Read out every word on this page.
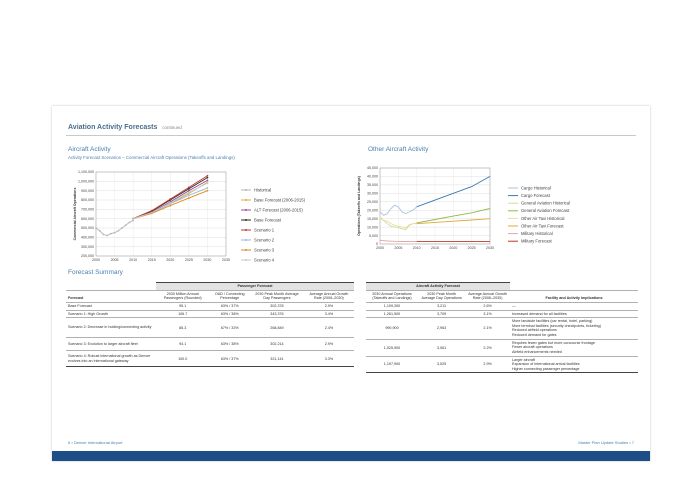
Aviation Activity Forecasts continued
Aircraft Activity
Activity Forecast Scenarios – Commercial Aircraft Operations (Takeoffs and Landings)
200,000
300,000
400,000
500,000
600,000
700,000
800,000
900,000
1,000,000
1,100,000
2000	2005	2010	2015	2020	2025	2030	2035
Commercial Aircraft Operations	Historical
Base Forecast (2006-2015)
ALT Forecast (2006-2015)
Base Forecast
Scenario 1
Scenario 2
Scenario 3
Scenario 4
Other Aircraft Activity
0
5,000
10,000
15,000
20,000
25,000
30,000
35,000
40,000
45,000
2000	2005	2010	2015	2020	2025	2030
Operations (Takeoffs and Landings)	Cargo Historical
Cargo Forecast
General Aviation Historical
General Aviation Forecast
Other Air Taxi Historical
Other Air Taxi Forecast
Military Historical
Military Forecast
Forecast Summary
	Passenger Forecast			
Forecast	2030 Million Annual Passengers (Rounded)	O&D / Connecting Percentage	2030 Peak Month Average Day Passengers	Average Annual Growth Rate (2006–2030)
Base Forecast	95.1	63% / 37%	302,378	2.9%
Scenario 1: High Growth	106.7	63% / 38%	343,376	3.4%
Scenario 2: Decrease in holding/connecting activity	85.3	67% / 33%	268,849	2.4%
Scenario 3: Evolution to larger aircraft fleet	94.1	63% / 38%	302,214	2.9%
Scenario 4: Robust international growth as Denver evolves into an international gateway	100.0	63% / 37%	321,141	3.3%
Aircraft Activity Forecast			
2030 Annual Operations (Takeoffs and Landings)	2030 Peak Month Average Day Operations	Average Annual Growth Rate (2006–2030)	Facility and Activity Implications
1,109,300	3,211	2.6%	—

1,261,500	3,709	3.1%	Increased demand for all facilities

990,900	2,963	2.1%	More landside facilities (car rental, hotel, parking)
More terminal facilities (security checkpoints, ticketing)
Reduced airfield operations
Reduced demand for gates

1,025,900	3,061	2.2%	Requires fewer gates but more concourse frontage
Fewer aircraft operations
Airfield enhancements needed

1,197,900	3,525	2.9%	Larger aircraft
Expansion of international arrival facilities
Higher connecting passenger percentage
6 • Denver International Airport	Master Plan Update Studies • 7
